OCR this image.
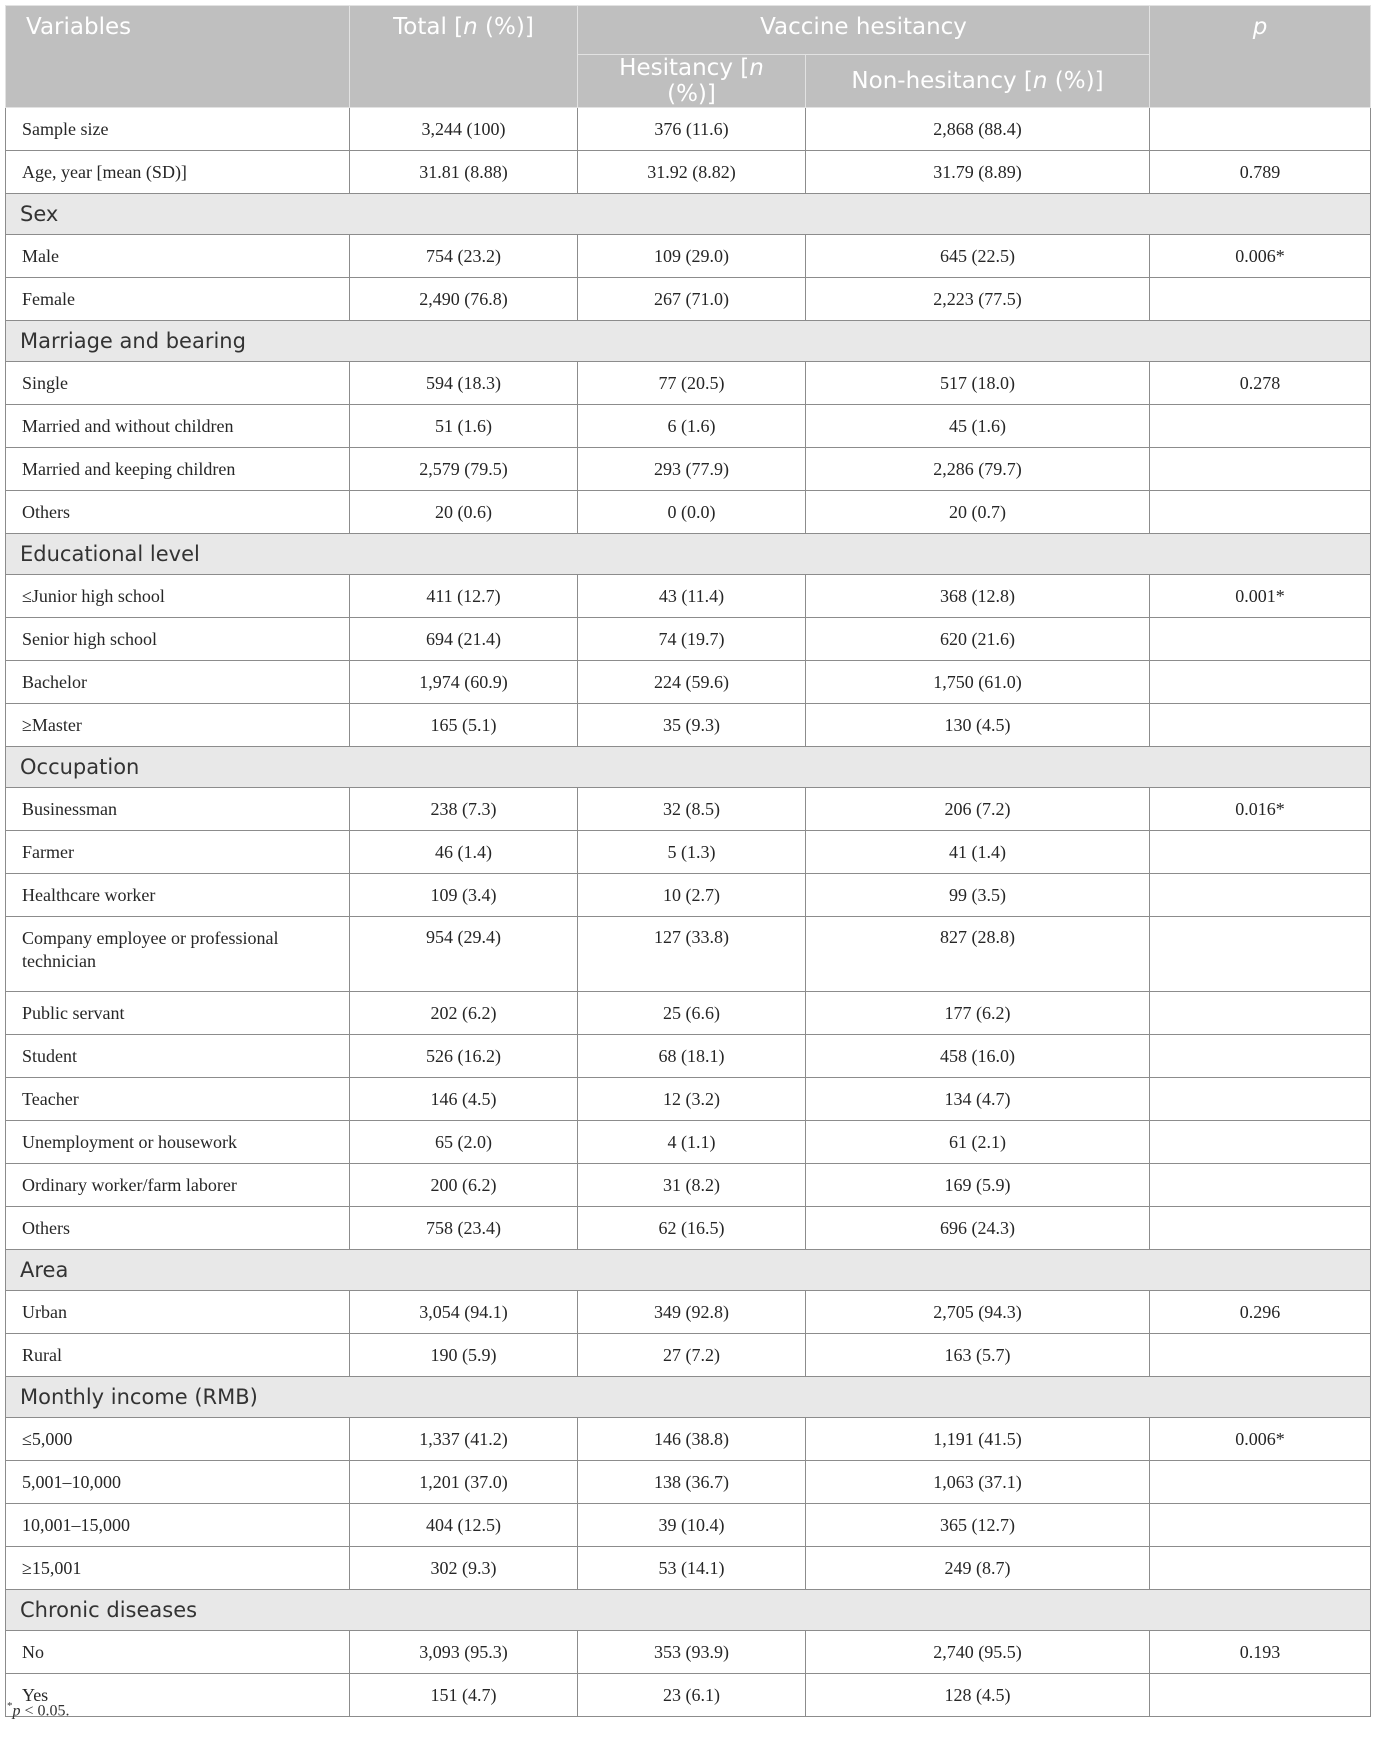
Variables	Total [n (%)]	Vaccine hesitancy		p
		Hesitancy [n (%)]	Non-hesitancy [n (%)]	
Sample size	3,244 (100)	376 (11.6)	2,868 (88.4)	
Age, year [mean (SD)]	31.81 (8.88)	31.92 (8.82)	31.79 (8.89)	0.789
Sex				
Male	754 (23.2)	109 (29.0)	645 (22.5)	0.006*
Female	2,490 (76.8)	267 (71.0)	2,223 (77.5)	
Marriage and bearing				
Single	594 (18.3)	77 (20.5)	517 (18.0)	0.278
Married and without children	51 (1.6)	6 (1.6)	45 (1.6)	
Married and keeping children	2,579 (79.5)	293 (77.9)	2,286 (79.7)	
Others	20 (0.6)	0 (0.0)	20 (0.7)	
Educational level				
≤Junior high school	411 (12.7)	43 (11.4)	368 (12.8)	0.001*
Senior high school	694 (21.4)	74 (19.7)	620 (21.6)	
Bachelor	1,974 (60.9)	224 (59.6)	1,750 (61.0)	
≥Master	165 (5.1)	35 (9.3)	130 (4.5)	
Occupation				
Businessman	238 (7.3)	32 (8.5)	206 (7.2)	0.016*
Farmer	46 (1.4)	5 (1.3)	41 (1.4)	
Healthcare worker	109 (3.4)	10 (2.7)	99 (3.5)	
Company employee or professional technician	954 (29.4)	127 (33.8)	827 (28.8)	
Public servant	202 (6.2)	25 (6.6)	177 (6.2)	
Student	526 (16.2)	68 (18.1)	458 (16.0)	
Teacher	146 (4.5)	12 (3.2)	134 (4.7)	
Unemployment or housework	65 (2.0)	4 (1.1)	61 (2.1)	
Ordinary worker/farm laborer	200 (6.2)	31 (8.2)	169 (5.9)	
Others	758 (23.4)	62 (16.5)	696 (24.3)	
Area				
Urban	3,054 (94.1)	349 (92.8)	2,705 (94.3)	0.296
Rural	190 (5.9)	27 (7.2)	163 (5.7)	
Monthly income (RMB)				
≤5,000	1,337 (41.2)	146 (38.8)	1,191 (41.5)	0.006*
5,001–10,000	1,201 (37.0)	138 (36.7)	1,063 (37.1)	
10,001–15,000	404 (12.5)	39 (10.4)	365 (12.7)	
≥15,001	302 (9.3)	53 (14.1)	249 (8.7)	
Chronic diseases				
No	3,093 (95.3)	353 (93.9)	2,740 (95.5)	0.193
Yes	151 (4.7)	23 (6.1)	128 (4.5)	
*p < 0.05.
